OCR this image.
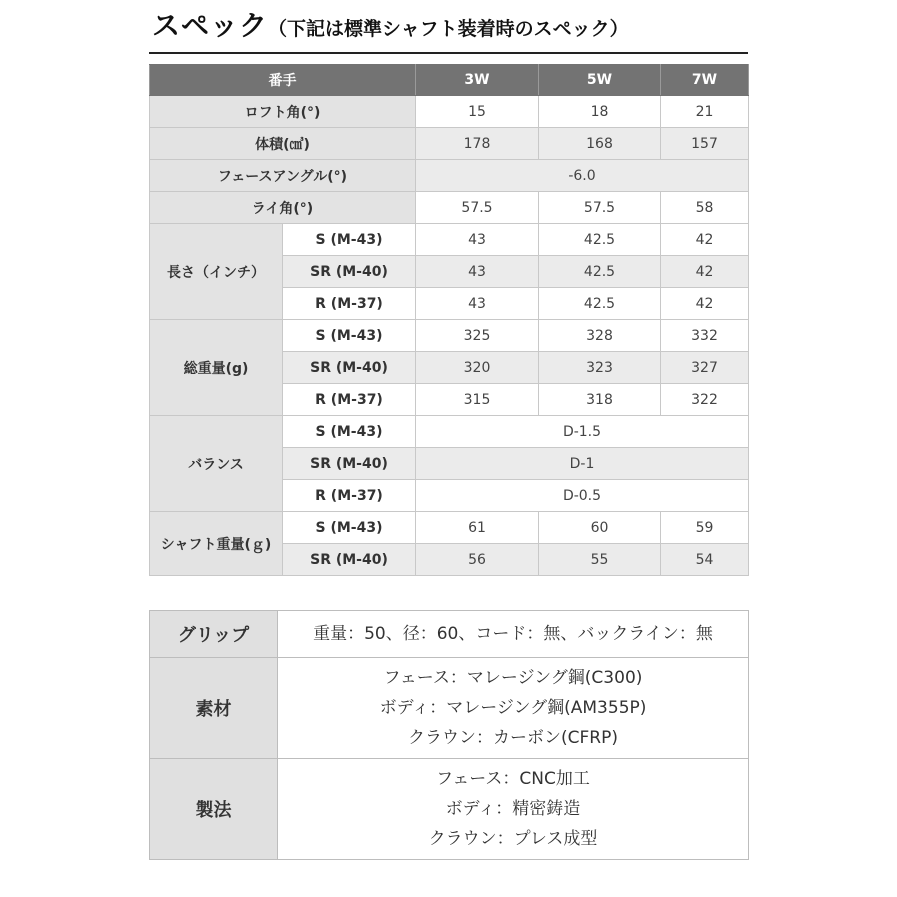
スペック（下記は標準シャフト装着時のスペック）
番手		3W	5W	7W
ロフト角(°)		15	18	21
体積(㎤)		178	168	157
フェースアングル(°)		-6.0		
ライ角(°)		57.5	57.5	58
長さ（インチ）	S (M-43)	43	42.5	42
	SR (M-40)	43	42.5	42
	R (M-37)	43	42.5	42
総重量(g)	S (M-43)	325	328	332
	SR (M-40)	320	323	327
	R (M-37)	315	318	322
バランス	S (M-43)	D-1.5		
	SR (M-40)	D-1		
	R (M-37)	D-0.5		
シャフト重量(ｇ)	S (M-43)	61	60	59
	SR (M-40)	56	55	54
グリップ	重量：50、径：60、コード：無、バックライン：無
素材	フェース：マレージング鋼(C300)
ボディ：マレージング鋼(AM355P)
クラウン：カーボン(CFRP)

製法	フェース：CNC加工
ボディ：精密鋳造
クラウン：プレス成型
